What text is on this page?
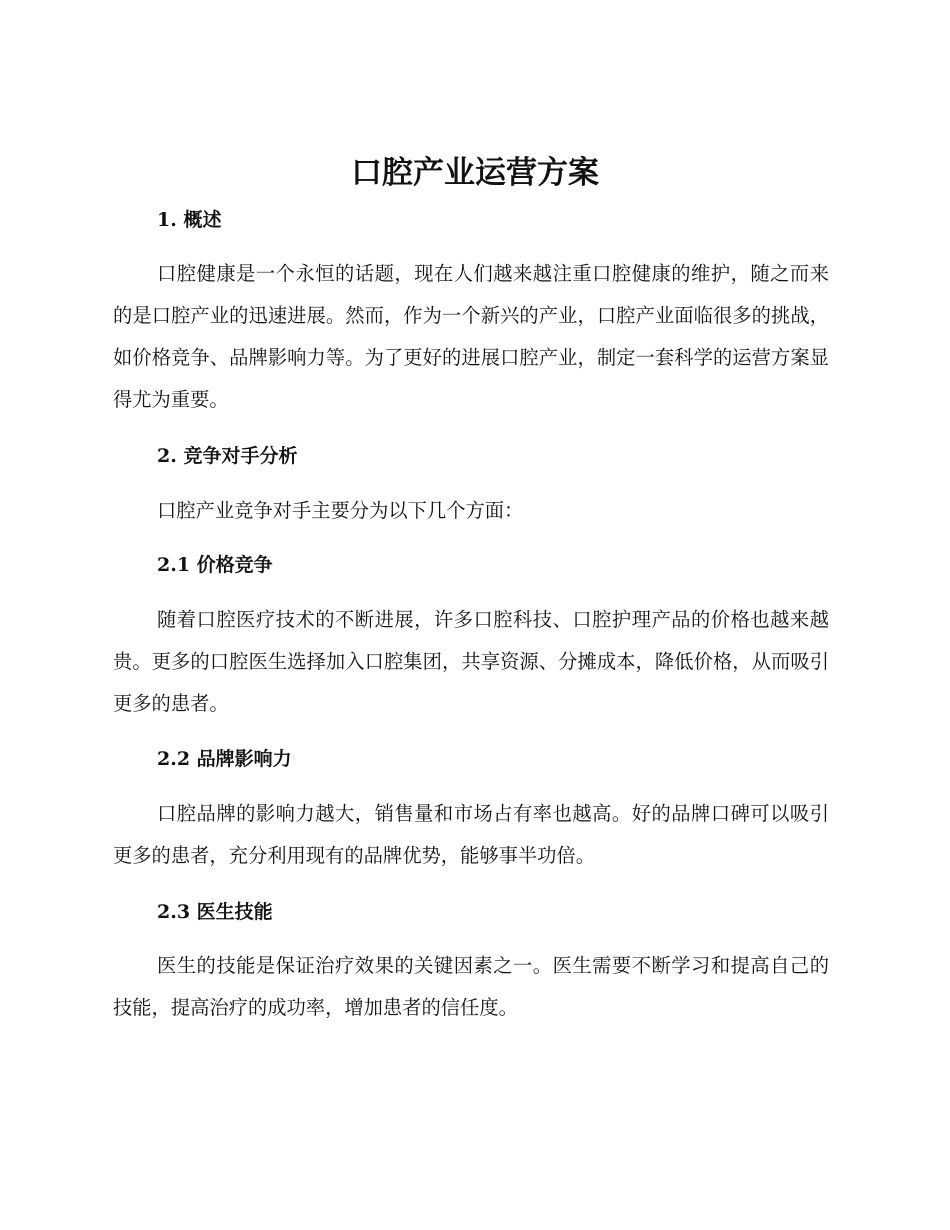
口腔产业运营方案
1. 概述

口腔健康是一个永恒的话题，现在人们越来越注重口腔健康的维护，随之而来的是口腔产业的迅速进展。然而，作为一个新兴的产业，口腔产业面临很多的挑战，如价格竞争、品牌影响力等。为了更好的进展口腔产业，制定一套科学的运营方案显得尤为重要。

2. 竞争对手分析

口腔产业竞争对手主要分为以下几个方面：

2.1 价格竞争

随着口腔医疗技术的不断进展，许多口腔科技、口腔护理产品的价格也越来越贵。更多的口腔医生选择加入口腔集团，共享资源、分摊成本，降低价格，从而吸引更多的患者。

2.2 品牌影响力

口腔品牌的影响力越大，销售量和市场占有率也越高。好的品牌口碑可以吸引更多的患者，充分利用现有的品牌优势，能够事半功倍。

2.3 医生技能

医生的技能是保证治疗效果的关键因素之一。医生需要不断学习和提高自己的技能，提高治疗的成功率，增加患者的信任度。
